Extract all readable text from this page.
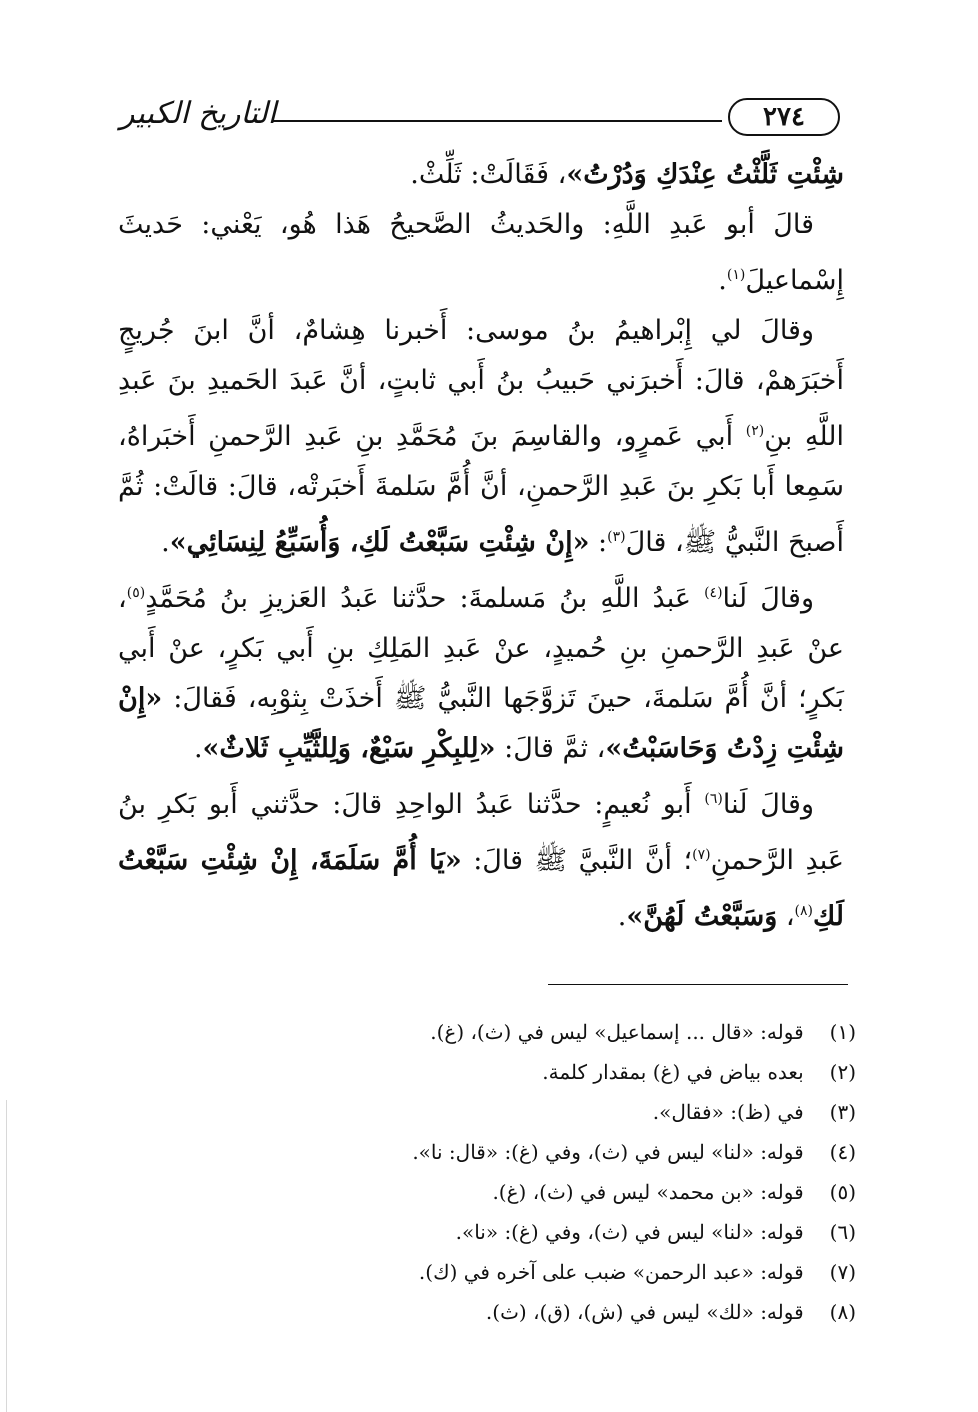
التاريخ الكبير	٢٧٤

شِئْتِ ثَلَّثْتُ عِنْدَكِ وَدُرْتُ»، فَقَالَتْ: ثَلِّثْ.

قالَ أبو عَبدِ اللَّهِ: والحَديثُ الصَّحيحُ هَذا هُو، يَعْني: حَديثَ إِسْماعيلَ$^{(١)}$.

وقالَ لي إِبْراهيمُ بنُ موسى: أَخبرنا هِشامٌ، أنَّ ابنَ جُريجٍ أَخبَرَهمْ، قالَ: أَخبرَني حَبيبُ بنُ أَبي ثابتٍ، أنَّ عَبدَ الحَميدِ بنَ عَبدِ اللَّهِ بنِ$^{(٢)}$ أَبي عَمرٍو، والقاسِمَ بنَ مُحَمَّدِ بنِ عَبدِ الرَّحمنِ أَخبَراهُ، سَمِعا أَبا بَكرِ بنَ عَبدِ الرَّحمنِ، أنَّ أُمَّ سَلمةَ أَخبَرتْه، قالَ: قالَتْ: ثُمَّ أَصبحَ النَّبيُّ ﷺ، قالَ$^{(٣)}$: «إِنْ شِئْتِ سَبَّعْتُ لَكِ، وَأُسَبِّعُ لِنِسَائِي».

وقالَ لَنا$^{(٤)}$ عَبدُ اللَّهِ بنُ مَسلمةَ: حدَّثنا عَبدُ العَزيزِ بنُ مُحَمَّدٍ$^{(٥)}$، عنْ عَبدِ الرَّحمنِ بنِ حُميدٍ، عنْ عَبدِ المَلِكِ بنِ أَبي بَكرٍ، عنْ أَبي بَكرٍ؛ أنَّ أُمَّ سَلمةَ، حينَ تَزوَّجَها النَّبيُّ ﷺ أَخذَتْ بِثوْبِه، فَقالَ: «إِنْ شِئْتِ زِدْتُ وَحَاسَبْتُ»، ثمَّ قالَ: «لِلبِكْرِ سَبْعٌ، وَلِلثَّيِّبِ ثَلاثٌ».

وقالَ لَنا$^{(٦)}$ أَبو نُعيمٍ: حدَّثنا عَبدُ الواحِدِ قالَ: حدَّثني أَبو بَكرِ بنُ عَبدِ الرَّحمنِ$^{(٧)}$؛ أنَّ النَّبيَّ ﷺ قالَ: «يَا أُمَّ سَلَمَةَ، إِنْ شِئْتِ سَبَّعْتُ لَكِ$^{(٨)}$، وَسَبَّعْتُ لَهُنَّ».

(١) قوله: «قال ... إسماعيل» ليس في (ث)، (غ).
(٢) بعده بياض في (غ) بمقدار كلمة.
(٣) في (ظ): «فقال».
(٤) قوله: «لنا» ليس في (ث)، وفي (غ): «قال: نا».
(٥) قوله: «بن محمد» ليس في (ث)، (غ).
(٦) قوله: «لنا» ليس في (ث)، وفي (غ): «نا».
(٧) قوله: «عبد الرحمن» ضبب على آخره في (ك).
(٨) قوله: «لك» ليس في (ش)، (ق)، (ث).
